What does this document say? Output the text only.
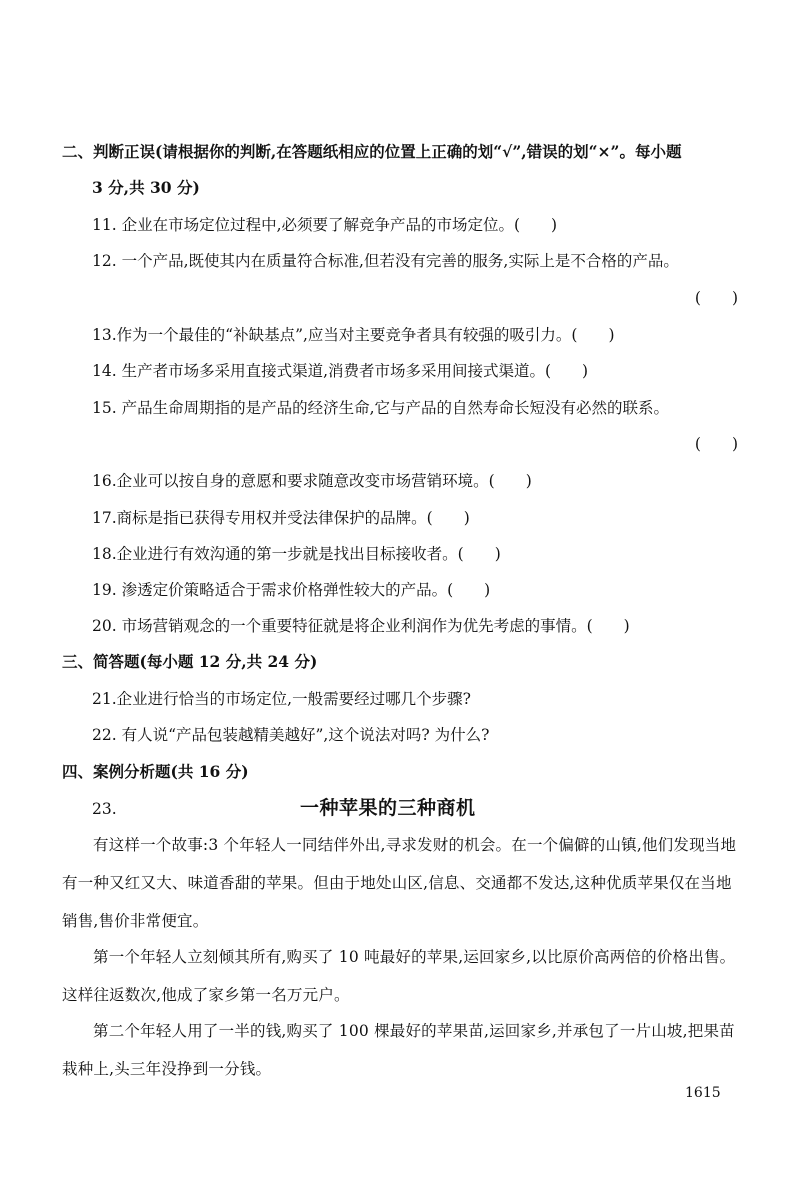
二、判断正误(请根据你的判断,在答题纸相应的位置上正确的划“√”,错误的划“×”。每小题
3 分,共 30 分)
11. 企业在市场定位过程中,必须要了解竞争产品的市场定位。(　　)
12. 一个产品,既使其内在质量符合标准,但若没有完善的服务,实际上是不合格的产品。
(　　)
13.作为一个最佳的“补缺基点”,应当对主要竞争者具有较强的吸引力。(　　)
14. 生产者市场多采用直接式渠道,消费者市场多采用间接式渠道。(　　)
15. 产品生命周期指的是产品的经济生命,它与产品的自然寿命长短没有必然的联系。
(　　)
16.企业可以按自身的意愿和要求随意改变市场营销环境。(　　)
17.商标是指已获得专用权并受法律保护的品牌。(　　)
18.企业进行有效沟通的第一步就是找出目标接收者。(　　)
19. 渗透定价策略适合于需求价格弹性较大的产品。(　　)
20. 市场营销观念的一个重要特征就是将企业利润作为优先考虑的事情。(　　)
三、简答题(每小题 12 分,共 24 分)
21.企业进行恰当的市场定位,一般需要经过哪几个步骤?
22. 有人说“产品包装越精美越好”,这个说法对吗? 为什么?
四、案例分析题(共 16 分)
23.	一种苹果的三种商机
有这样一个故事:3 个年轻人一同结伴外出,寻求发财的机会。在一个偏僻的山镇,他们发现当地有一种又红又大、味道香甜的苹果。但由于地处山区,信息、交通都不发达,这种优质苹果仅在当地销售,售价非常便宜。
第一个年轻人立刻倾其所有,购买了 10 吨最好的苹果,运回家乡,以比原价高两倍的价格出售。这样往返数次,他成了家乡第一名万元户。
第二个年轻人用了一半的钱,购买了 100 棵最好的苹果苗,运回家乡,并承包了一片山坡,把果苗栽种上,头三年没挣到一分钱。
1615
